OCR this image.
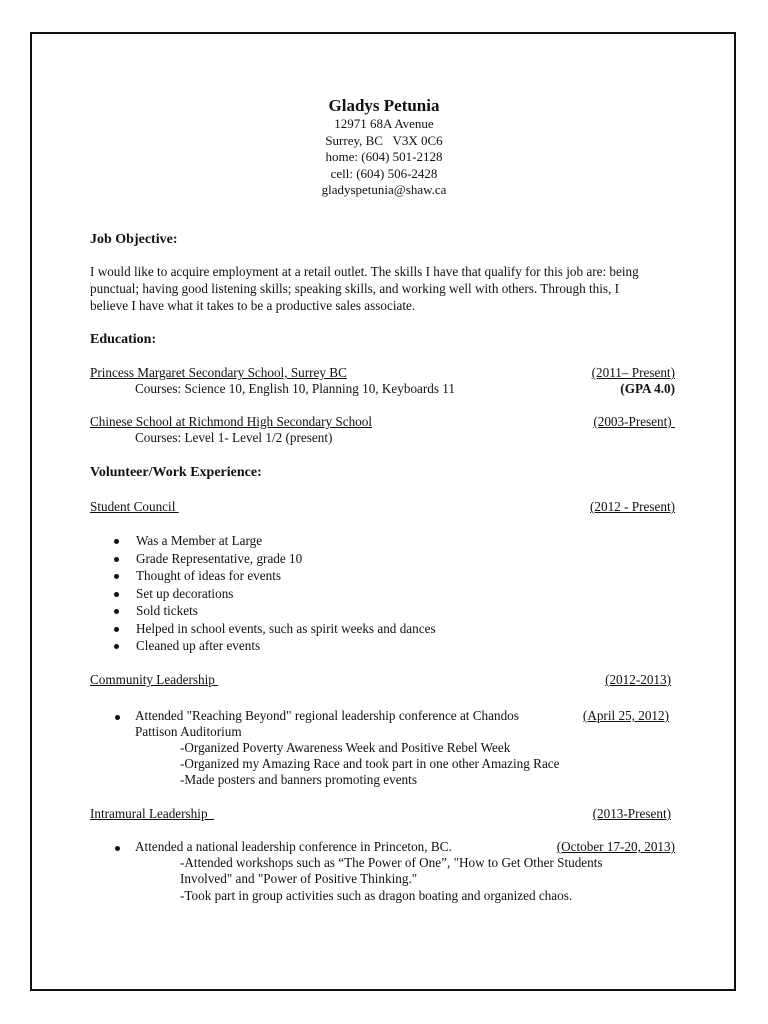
Gladys Petunia
12971 68A Avenue
Surrey, BC   V3X 0C6
home: (604) 501-2128
cell: (604) 506-2428
gladyspetunia@shaw.ca
Job Objective:
I would like to acquire employment at a retail outlet. The skills I have that qualify for this job are: being
punctual; having good listening skills; speaking skills, and working well with others. Through this, I
believe I have what it takes to be a productive sales associate.
Education:
Princess Margaret Secondary School, Surrey BC	(2011– Present)
Courses: Science 10, English 10, Planning 10, Keyboards 11	(GPA 4.0)
Chinese School at Richmond High Secondary School	(2003-Present)
Courses: Level 1- Level 1/2 (present)
Volunteer/Work Experience:
Student Council	(2012 - Present)
Was a Member at Large
Grade Representative, grade 10
Thought of ideas for events
Set up decorations
Sold tickets
Helped in school events, such as spirit weeks and dances
Cleaned up after events
Community Leadership	(2012-2013)
Attended "Reaching Beyond" regional leadership conference at Chandos	(April 25, 2012)
Pattison Auditorium
-Organized Poverty Awareness Week and Positive Rebel Week
-Organized my Amazing Race and took part in one other Amazing Race
-Made posters and banners promoting events
Intramural Leadership	(2013-Present)
Attended a national leadership conference in Princeton, BC.	(October 17-20, 2013)
-Attended workshops such as “The Power of One”, "How to Get Other Students
Involved" and "Power of Positive Thinking."
-Took part in group activities such as dragon boating and organized chaos.
